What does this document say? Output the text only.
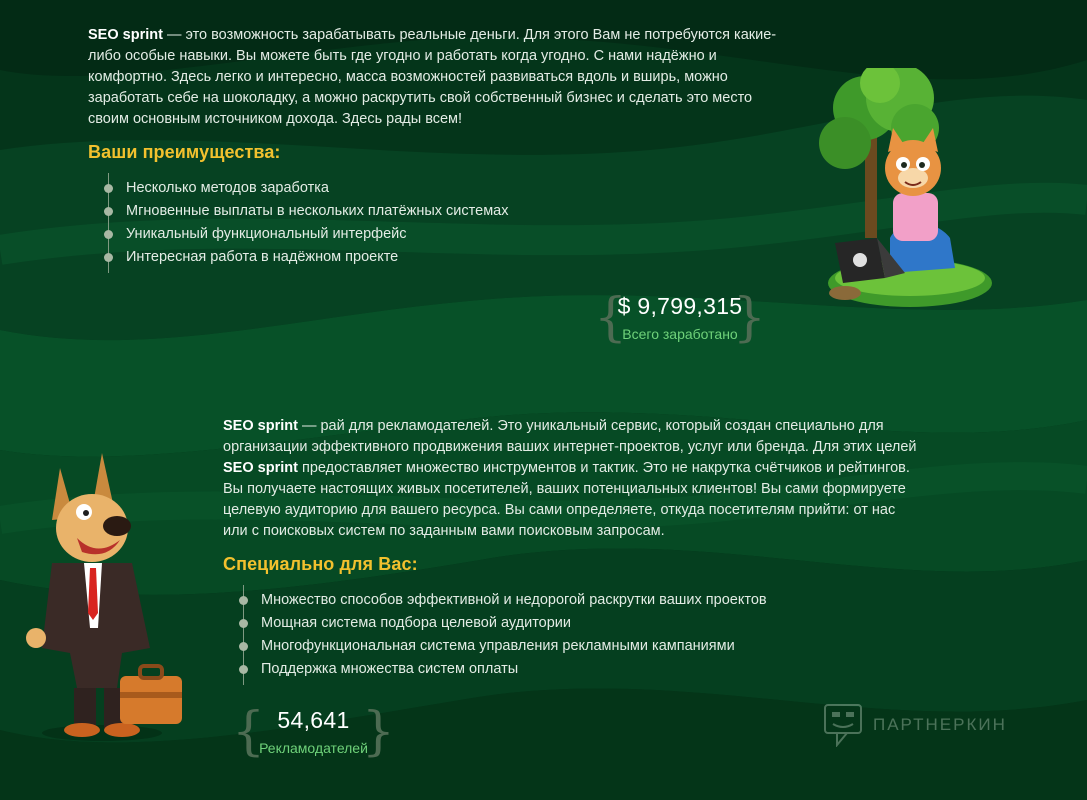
SEO sprint — это возможность зарабатывать реальные деньги. Для этого Вам не потребуются какие-либо особые навыки. Вы можете быть где угодно и работать когда угодно. С нами надёжно и комфортно. Здесь легко и интересно, масса возможностей развиваться вдоль и вширь, можно заработать себе на шоколадку, а можно раскрутить свой собственный бизнес и сделать это место своим основным источником дохода. Здесь рады всем!

Ваши преимущества:
Несколько методов заработка
Мгновенные выплаты в нескольких платёжных системах
Уникальный функциональный интерфейс
Интересная работа в надёжном проекте
{ }
$ 9,799,315
Всего заработано

SEO sprint — рай для рекламодателей. Это уникальный сервис, который создан специально для организации эффективного продвижения ваших интернет-проектов, услуг или бренда. Для этих целей SEO sprint предоставляет множество инструментов и тактик. Это не накрутка счётчиков и рейтингов. Вы получаете настоящих живых посетителей, ваших потенциальных клиентов! Вы сами формируете целевую аудиторию для вашего ресурса. Вы сами определяете, откуда посетителям прийти: от нас или с поисковых систем по заданным вами поисковым запросам.

Специально для Вас:
Множество способов эффективной и недорогой раскрутки ваших проектов
Мощная система подбора целевой аудитории
Многофункциональная система управления рекламными кампаниями
Поддержка множества систем оплаты
{ }
54,641
Рекламодателей
ПАРТНЕРКИН
